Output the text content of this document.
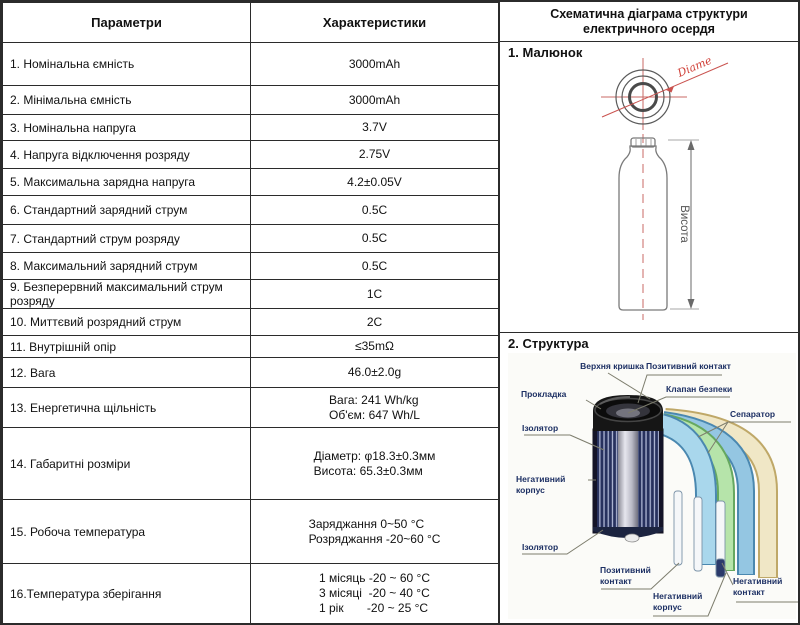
Параметри	Характеристики
1. Номінальна ємність	3000mAh

2. Мінімальна ємність	3000mAh

3. Номінальна напруга	3.7V

4. Напруга відключення розряду	2.75V

5. Максимальна зарядна напруга	4.2±0.05V

6. Стандартний зарядний струм	0.5C

7. Стандартний струм розряду	0.5C

8. Максимальний зарядний струм	0.5C

9. Безперервний максимальний струм розряду	1C

10. Миттєвий розрядний струм	2C

11. Внутрішній опір	≤35mΩ

12. Вага	46.0±2.0g

13. Енергетична щільність	Вага: 241 Wh/kg
Об'єм: 647 Wh/L

14. Габаритні розміри	Діаметр: φ18.3±0.3мм
Висота: 65.3±0.3мм

15. Робоча температура	Заряджання 0~50 °C
Розряджання -20~60 °C

16.Температура зберігання	1 місяць -20 ~ 60 °C
3 місяці  -20 ~ 40 °C
1 рік       -20 ~ 25 °C
Схематична діаграма структури електричного осердя
1. Малюнок
Diame
Висота
2. Структура
Верхня кришка Позитивний контакт
Клапан безпеки
Прокладка
Сепаратор
Ізолятор
Негативний корпус
Ізолятор
Позитивний контакт
Негативний корпус
Негативний контакт
